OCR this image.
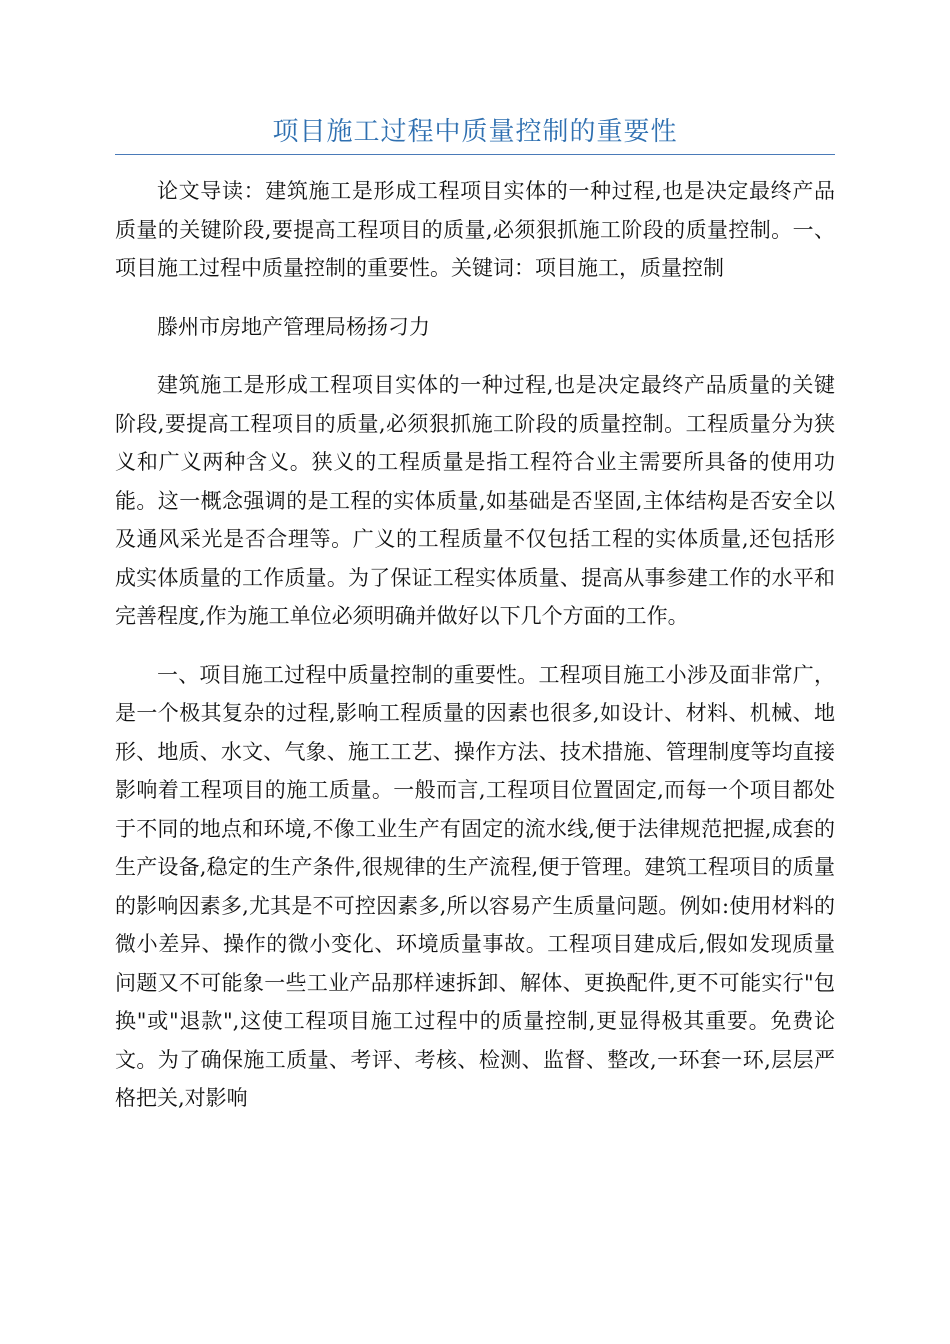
项目施工过程中质量控制的重要性

论文导读：建筑施工是形成工程项目实体的一种过程,也是决定最终产品质量的关键阶段,要提高工程项目的质量,必须狠抓施工阶段的质量控制。一、项目施工过程中质量控制的重要性。关键词：项目施工，质量控制

滕州市房地产管理局杨扬刁力

建筑施工是形成工程项目实体的一种过程,也是决定最终产品质量的关键阶段,要提高工程项目的质量,必须狠抓施工阶段的质量控制。工程质量分为狭义和广义两种含义。狭义的工程质量是指工程符合业主需要所具备的使用功能。这一概念强调的是工程的实体质量,如基础是否坚固,主体结构是否安全以及通风采光是否合理等。广义的工程质量不仅包括工程的实体质量,还包括形成实体质量的工作质量。为了保证工程实体质量、提高从事参建工作的水平和完善程度,作为施工单位必须明确并做好以下几个方面的工作。

一、项目施工过程中质量控制的重要性。工程项目施工小涉及面非常广，是一个极其复杂的过程,影响工程质量的因素也很多,如设计、材料、机械、地形、地质、水文、气象、施工工艺、操作方法、技术措施、管理制度等均直接影响着工程项目的施工质量。一般而言,工程项目位置固定,而每一个项目都处于不同的地点和环境,不像工业生产有固定的流水线,便于法律规范把握,成套的生产设备,稳定的生产条件,很规律的生产流程,便于管理。建筑工程项目的质量的影响因素多,尤其是不可控因素多,所以容易产生质量问题。例如:使用材料的微小差异、操作的微小变化、环境质量事故。工程项目建成后,假如发现质量问题又不可能象一些工业产品那样速拆卸、解体、更换配件,更不可能实行"包换"或"退款",这使工程项目施工过程中的质量控制,更显得极其重要。免费论文。为了确保施工质量、考评、考核、检测、监督、整改,一环套一环,层层严格把关,对影响
